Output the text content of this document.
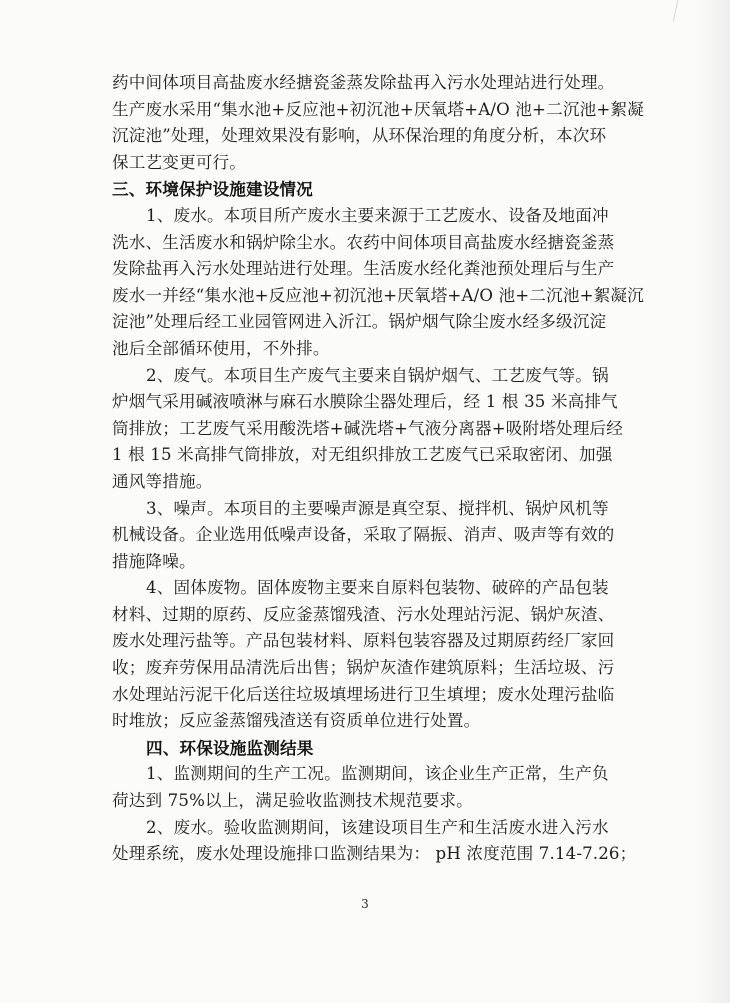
药中间体项目高盐废水经搪瓷釜蒸发除盐再入污水处理站进行处理。
生产废水采用“集水池+反应池+初沉池+厌氧塔+A/O 池+二沉池+絮凝
沉淀池”处理，处理效果没有影响，从环保治理的角度分析，本次环
保工艺变更可行。
三、环境保护设施建设情况
1、废水。本项目所产废水主要来源于工艺废水、设备及地面冲
洗水、生活废水和锅炉除尘水。农药中间体项目高盐废水经搪瓷釜蒸
发除盐再入污水处理站进行处理。生活废水经化粪池预处理后与生产
废水一并经“集水池+反应池+初沉池+厌氧塔+A/O 池+二沉池+絮凝沉
淀池”处理后经工业园管网进入沂江。锅炉烟气除尘废水经多级沉淀
池后全部循环使用，不外排。
2、废气。本项目生产废气主要来自锅炉烟气、工艺废气等。锅
炉烟气采用碱液喷淋与麻石水膜除尘器处理后，经 1 根 35 米高排气
筒排放；工艺废气采用酸洗塔+碱洗塔+气液分离器+吸附塔处理后经
1 根 15 米高排气筒排放，对无组织排放工艺废气已采取密闭、加强
通风等措施。
3、噪声。本项目的主要噪声源是真空泵、搅拌机、锅炉风机等
机械设备。企业选用低噪声设备，采取了隔振、消声、吸声等有效的
措施降噪。
4、固体废物。固体废物主要来自原料包装物、破碎的产品包装
材料、过期的原药、反应釜蒸馏残渣、污水处理站污泥、锅炉灰渣、
废水处理污盐等。产品包装材料、原料包装容器及过期原药经厂家回
收；废弃劳保用品清洗后出售；锅炉灰渣作建筑原料；生活垃圾、污
水处理站污泥干化后送往垃圾填埋场进行卫生填埋；废水处理污盐临
时堆放；反应釜蒸馏残渣送有资质单位进行处置。
四、环保设施监测结果
1、监测期间的生产工况。监测期间，该企业生产正常，生产负
荷达到 75%以上，满足验收监测技术规范要求。
2、废水。验收监测期间，该建设项目生产和生活废水进入污水
处理系统，废水处理设施排口监测结果为： pH 浓度范围 7.14-7.26；
3
